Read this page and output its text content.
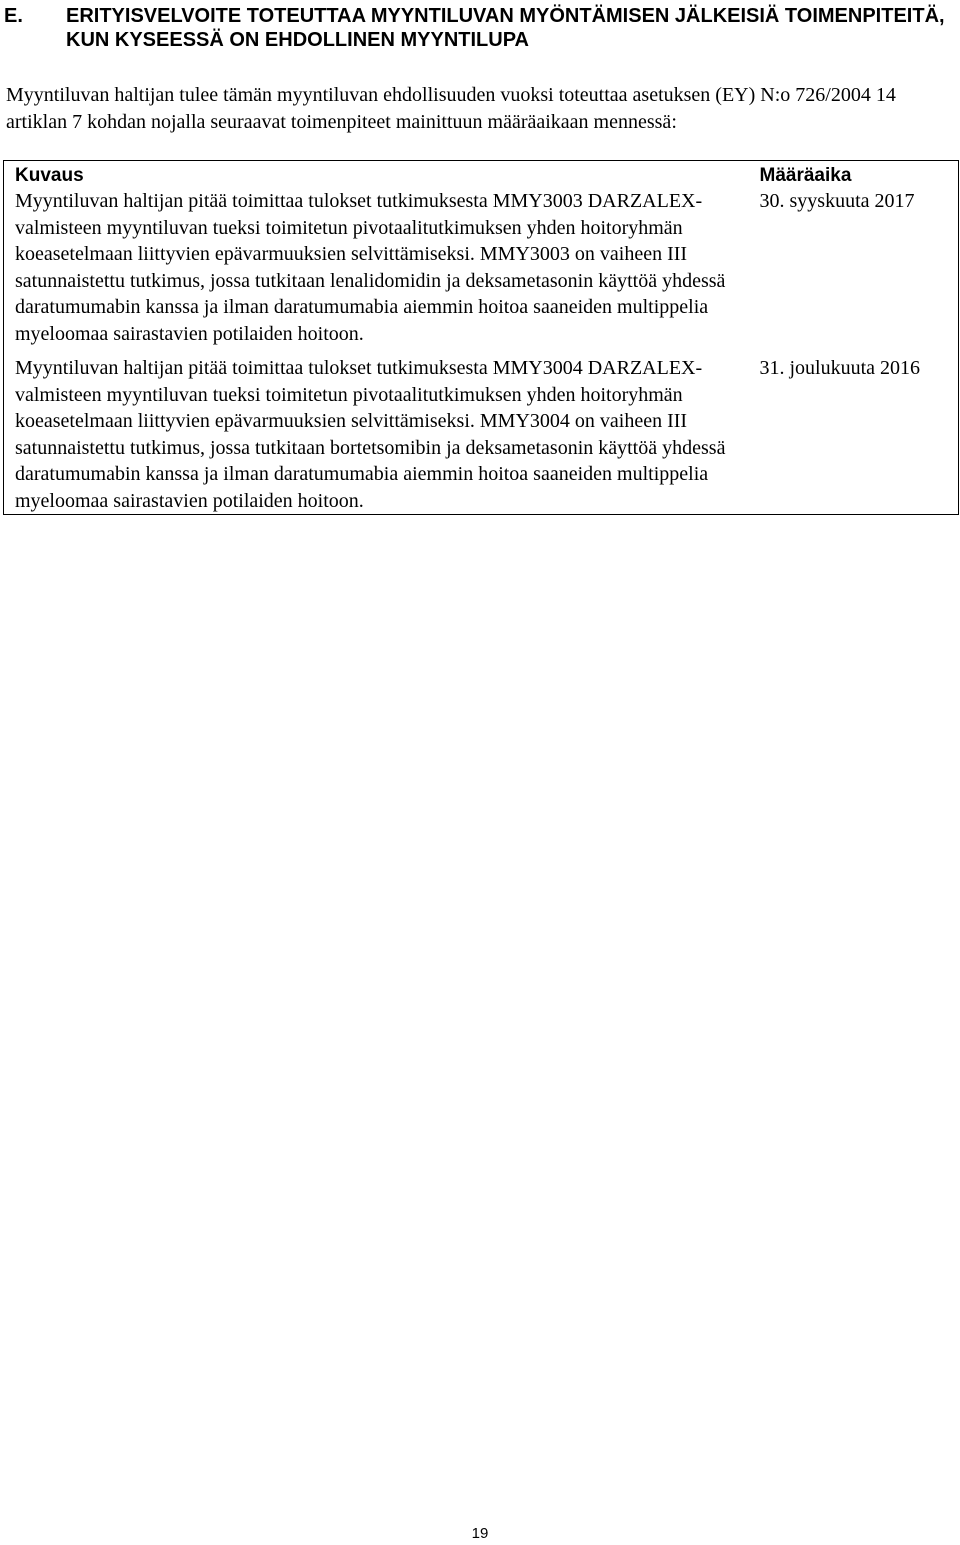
E. ERITYISVELVOITE TOTEUTTAA MYYNTILUVAN MYÖNTÄMISEN JÄLKEISIÄ TOIMENPITEITÄ, KUN KYSEESSÄ ON EHDOLLINEN MYYNTILUPA
Myyntiluvan haltijan tulee tämän myyntiluvan ehdollisuuden vuoksi toteuttaa asetuksen (EY) N:o 726/2004 14 artiklan 7 kohdan nojalla seuraavat toimenpiteet mainittuun määräaikaan mennessä:
Kuvaus	Määräaika
Myyntiluvan haltijan pitää toimittaa tulokset tutkimuksesta MMY3003 DARZALEX-valmisteen myyntiluvan tueksi toimitetun pivotaalitutkimuksen yhden hoitoryhmän koeasetelmaan liittyvien epävarmuuksien selvittämiseksi. MMY3003 on vaiheen III satunnaistettu tutkimus, jossa tutkitaan lenalidomidin ja deksametasonin käyttöä yhdessä daratumumabin kanssa ja ilman daratumumabia aiemmin hoitoa saaneiden multippelia myeloomaa sairastavien potilaiden hoitoon.	30. syyskuuta 2017
Myyntiluvan haltijan pitää toimittaa tulokset tutkimuksesta MMY3004 DARZALEX-valmisteen myyntiluvan tueksi toimitetun pivotaalitutkimuksen yhden hoitoryhmän koeasetelmaan liittyvien epävarmuuksien selvittämiseksi. MMY3004 on vaiheen III satunnaistettu tutkimus, jossa tutkitaan bortetsomibin ja deksametasonin käyttöä yhdessä daratumumabin kanssa ja ilman daratumumabia aiemmin hoitoa saaneiden multippelia myeloomaa sairastavien potilaiden hoitoon.	31. joulukuuta 2016
19
